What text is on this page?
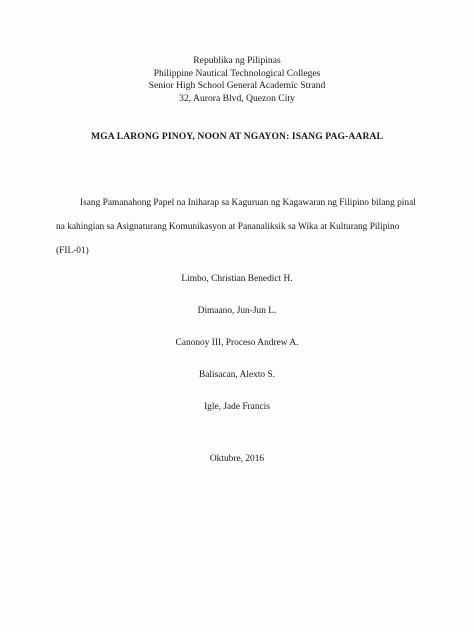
Republika ng Pilipinas
Philippine Nautical Technological Colleges
Senior High School General Academic Strand
32, Aurora Blvd, Quezon City
MGA LARONG PINOY, NOON AT NGAYON: ISANG PAG-AARAL
Isang Pamanahong Papel na Iniharap sa Kaguruan ng Kagawaran ng Filipino bilang pinal
na kahingian sa Asignaturang Komunikasyon at Pananaliksik sa Wika at Kulturang Pilipino
(FIL-01)
Limbo, Christian Benedict H.
Dimaano, Jun-Jun L.
Canonoy III, Proceso Andrew A.
Balisacan, Alexto S.
Igle, Jade Francis
Oktubre, 2016
